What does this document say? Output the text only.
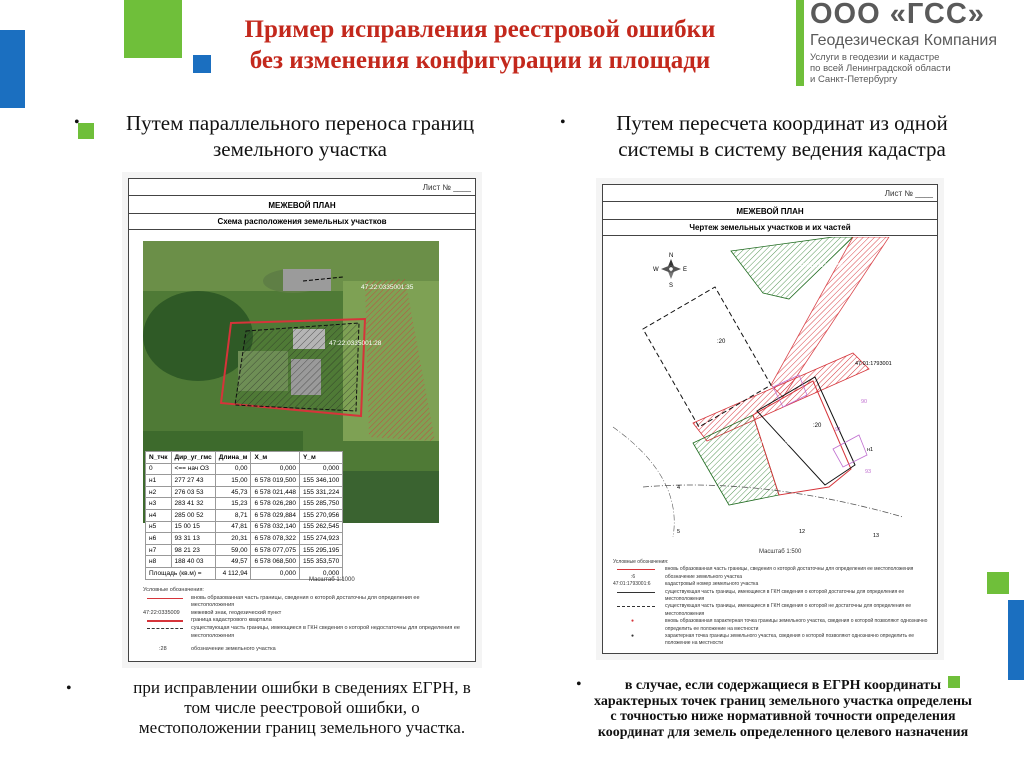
Пример исправления реестровой ошибки
без изменения конфигурации и площади
ООО «ГСС»
Геодезическая Компания
Услуги в геодезии и кадастре
по всей Ленинградской области
и Санкт-Петербургу
•	Путем параллельного переноса границ
земельного участка
•	Путем пересчета координат из одной
системы в систему ведения кадастра
Лист № ____
МЕЖЕВОЙ ПЛАН
Схема расположения земельных участков
47:22:0335001:28
47:22:0335001:35
N_тчк	Дир_уг_гмс	Длина_м	X_м	Y_м
0	<== нач ОЗ	0,00	0,000	0,000
н1	277 27 43	15,00	6 578 019,500	155 346,100
н2	276 03 53	45,73	6 578 021,448	155 331,224
н3	283 41 32	15,23	6 578 026,280	155 285,750
н4	285 00 52	8,71	6 578 029,884	155 270,956
н5	15 00 15	47,81	6 578 032,140	155 262,545
н6	93 31 13	20,31	6 578 078,322	155 274,923
н7	98 21 23	59,00	6 578 077,075	155 295,195
н8	188 40 03	49,57	6 578 068,500	155 353,570
Площадь (кв.м) =		4 112,94	0,000	0,000
Масштаб 1:1000
Условные обозначения:
вновь образованная часть границы, сведения о которой достаточны для определения ее местоположения
47:22:0335009 межевой знак, геодезический пункт
граница кадастрового квартала
существующая часть границы, имеющиеся в ГКН сведения о которой недостаточны для определения ее местоположения
:28	обозначение земельного участка
Лист № ____
МЕЖЕВОЙ ПЛАН
Чертеж земельных участков и их частей
N
S
W	E
47:01:1793001:96
47:01:1793001
47:01:1793001:23
:20
:20
90
91
93
4
5	12
13
н1
Масштаб 1:500
Условные обозначения:
вновь образованная часть границы, сведения о которой достаточны для определения ее местоположения
:6	обозначение земельного участка
47:01:1793001:6	кадастровый номер земельного участка
существующая часть границы, имеющиеся в ГКН сведения о которой достаточны для определения ее местоположения
существующая часть границы, имеющиеся в ГКН сведения о которой не достаточны для определения ее местоположения
●	вновь образованная характерная точка границы земельного участка, сведения о которой позволяют однозначно определить ее положение на местности
●	характерная точка границы земельного участка, сведения о которой позволяют однозначно определить ее положение на местности
•	при исправлении ошибки в сведениях ЕГРН, в
том числе реестровой ошибки, о
местоположении границ земельного участка.
•	в случае, если содержащиеся в ЕГРН координаты
характерных точек границ земельного участка определены
с точностью ниже нормативной точности определения
координат для земель определенного целевого назначения
